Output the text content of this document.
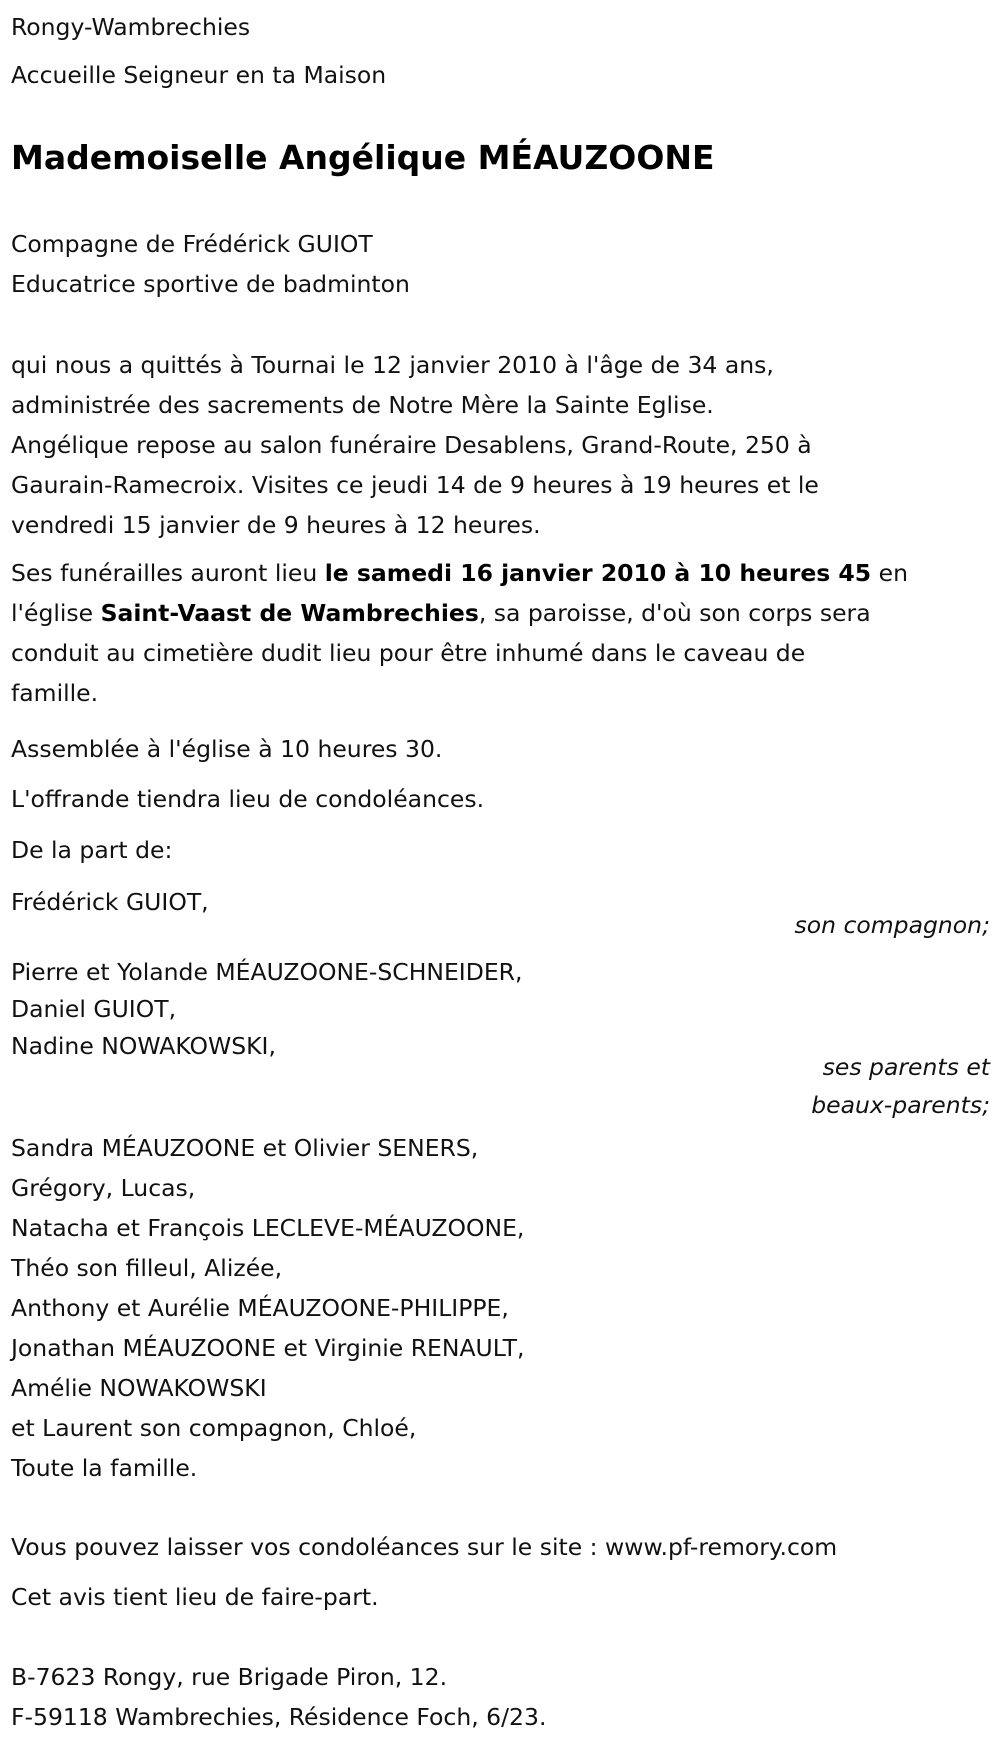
Rongy-Wambrechies
Accueille Seigneur en ta Maison
Mademoiselle Angélique MÉAUZOONE
Compagne de Frédérick GUIOT
Educatrice sportive de badminton
qui nous a quittés à Tournai le 12 janvier 2010 à l'âge de 34 ans,
administrée des sacrements de Notre Mère la Sainte Eglise.
Angélique repose au salon funéraire Desablens, Grand-Route, 250 à
Gaurain-Ramecroix. Visites ce jeudi 14 de 9 heures à 19 heures et le
vendredi 15 janvier de 9 heures à 12 heures.
Ses funérailles auront lieu le samedi 16 janvier 2010 à 10 heures 45 en
l'église Saint-Vaast de Wambrechies, sa paroisse, d'où son corps sera
conduit au cimetière dudit lieu pour être inhumé dans le caveau de
famille.
Assemblée à l'église à 10 heures 30.
L'offrande tiendra lieu de condoléances.
De la part de:
Frédérick GUIOT,
son compagnon;
Pierre et Yolande MÉAUZOONE-SCHNEIDER,
Daniel GUIOT,
Nadine NOWAKOWSKI,
ses parents et
beaux-parents;
Sandra MÉAUZOONE et Olivier SENERS,
Grégory, Lucas,
Natacha et François LECLEVE-MÉAUZOONE,
Théo son filleul, Alizée,
Anthony et Aurélie MÉAUZOONE-PHILIPPE,
Jonathan MÉAUZOONE et Virginie RENAULT,
Amélie NOWAKOWSKI
et Laurent son compagnon, Chloé,
Toute la famille.
Vous pouvez laisser vos condoléances sur le site : www.pf-remory.com
Cet avis tient lieu de faire-part.
B-7623 Rongy, rue Brigade Piron, 12.
F-59118 Wambrechies, Résidence Foch, 6/23.
